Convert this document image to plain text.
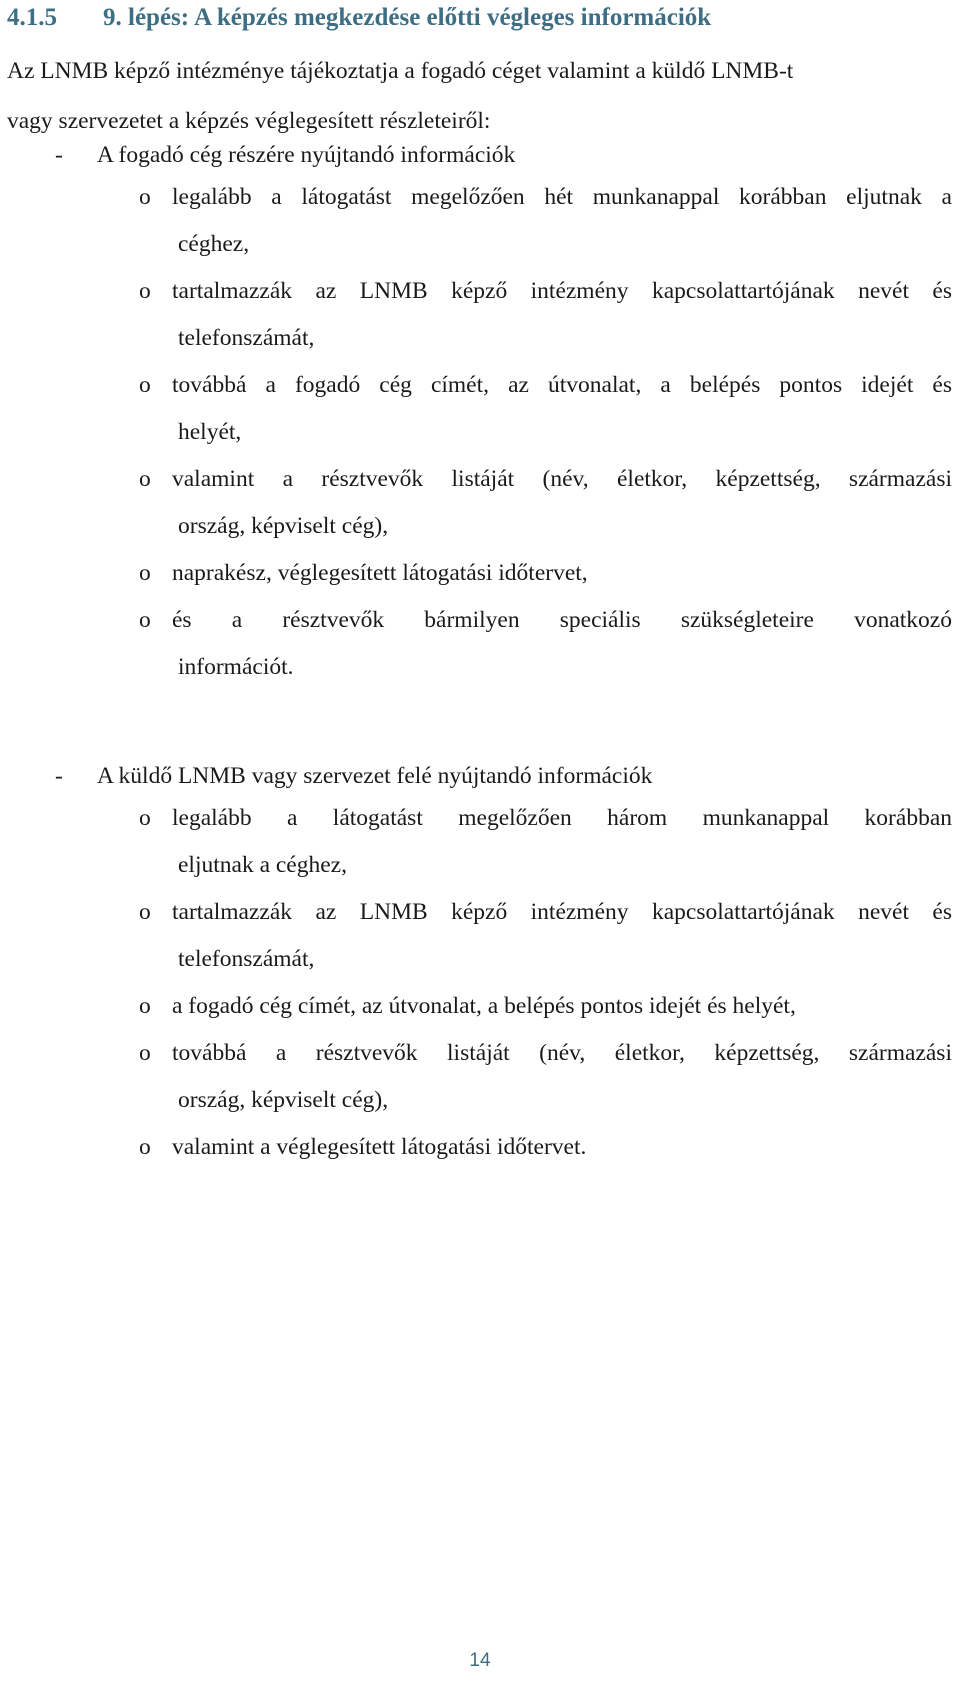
4.1.5 9. lépés: A képzés megkezdése előtti végleges információk
Az LNMB képző intézménye tájékoztatja a fogadó céget valamint a küldő LNMB-t
vagy szervezetet a képzés véglegesített részleteiről:
- A fogadó cég részére nyújtandó információk
o legalább a látogatást megelőzően hét munkanappal korábban eljutnak a
céghez,
o tartalmazzák az LNMB képző intézmény kapcsolattartójának nevét és
telefonszámát,
o továbbá a fogadó cég címét, az útvonalat, a belépés pontos idejét és
helyét,
o valamint a résztvevők listáját (név, életkor, képzettség, származási
ország, képviselt cég),
o naprakész, véglegesített látogatási időtervet,
o és a résztvevők bármilyen speciális szükségleteire vonatkozó
információt.
- A küldő LNMB vagy szervezet felé nyújtandó információk
o legalább a látogatást megelőzően három munkanappal korábban
eljutnak a céghez,
o tartalmazzák az LNMB képző intézmény kapcsolattartójának nevét és
telefonszámát,
o a fogadó cég címét, az útvonalat, a belépés pontos idejét és helyét,
o továbbá a résztvevők listáját (név, életkor, képzettség, származási
ország, képviselt cég),
o valamint a véglegesített látogatási időtervet.
14
